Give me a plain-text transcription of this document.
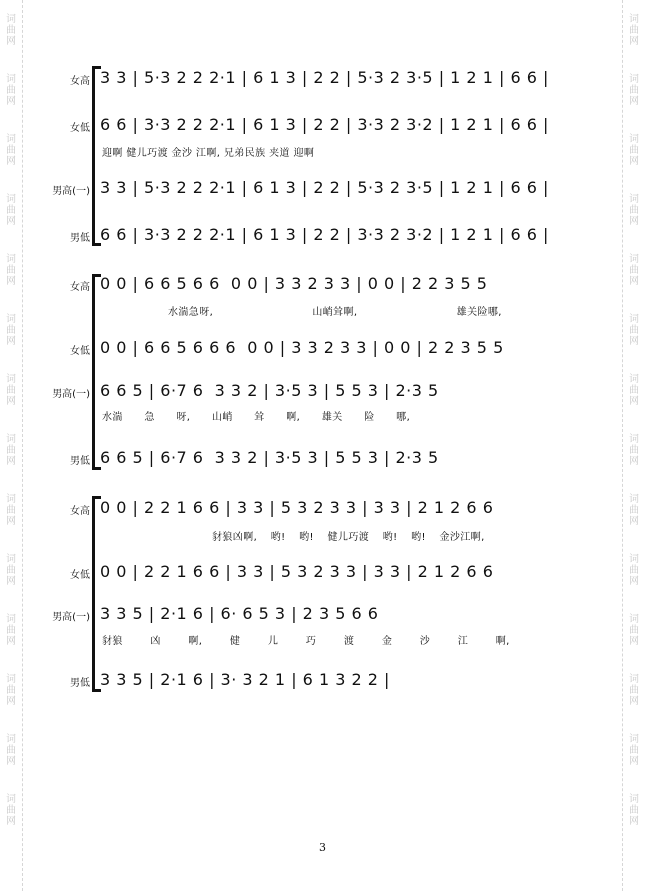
词
曲
网
词
曲
网
词
曲
网
词
曲
网
词
曲
网
词
曲
网
词
曲
网
词
曲
网
词
曲
网
词
曲
网
词
曲
网
词
曲
网
词
曲
网
词
曲
网
词
曲
网
词
曲
网
词
曲
网
词
曲
网
词
曲
网
词
曲
网
词
曲
网
词
曲
网
词
曲
网
词
曲
网
词
曲
网
词
曲
网
词
曲
网
词
曲
网
女高 3 3 | 5·3 2 2 2·1 | 6 1 3 | 2 2 | 5·3 2 3·5 | 1 2 1 | 6 6 |
女低 6 6 | 3·3 2 2 2·1 | 6 1 3 | 2 2 | 3·3 2 3·2 | 1 2 1 | 6 6 |
迎啊 健儿巧渡 金沙 江啊, 兄弟民族 夹道 迎啊
男高(一) 3 3 | 5·3 2 2 2·1 | 6 1 3 | 2 2 | 5·3 2 3·5 | 1 2 1 | 6 6 |
男低 6 6 | 3·3 2 2 2·1 | 6 1 3 | 2 2 | 3·3 2 3·2 | 1 2 1 | 6 6 |
女高 0 0 | 6 6 5 6 6  0 0 | 3 3 2 3 3 | 0 0 | 2 2 3 5 5
水湍急呀,  山峭耸啊,  雄关险哪,
女低 0 0 | 6 6 5 6 6 6  0 0 | 3 3 2 3 3 | 0 0 | 2 2 3 5 5
男高(一) 6 6 5 | 6·7 6  3 3 2 | 3·5 3 | 5 5 3 | 2·3 5
水湍 急 呀, 山峭 耸 啊, 雄关 险 哪,
男低 6 6 5 | 6·7 6  3 3 2 | 3·5 3 | 5 5 3 | 2·3 5
女高 0 0 | 2 2 1 6 6 | 3 3 | 5 3 2 3 3 | 3 3 | 2 1 2 6 6
豺狼凶啊, 哟! 哟! 健儿巧渡 哟! 哟! 金沙江啊,
女低 0 0 | 2 2 1 6 6 | 3 3 | 5 3 2 3 3 | 3 3 | 2 1 2 6 6
男高(一) 3 3 5 | 2·1 6 | 6· 6 5 3 | 2 3 5 6 6
豺狼 凶 啊, 健 儿 巧 渡 金 沙 江 啊,
男低 3 3 5 | 2·1 6 | 3· 3 2 1 | 6 1 3 2 2 |
3
